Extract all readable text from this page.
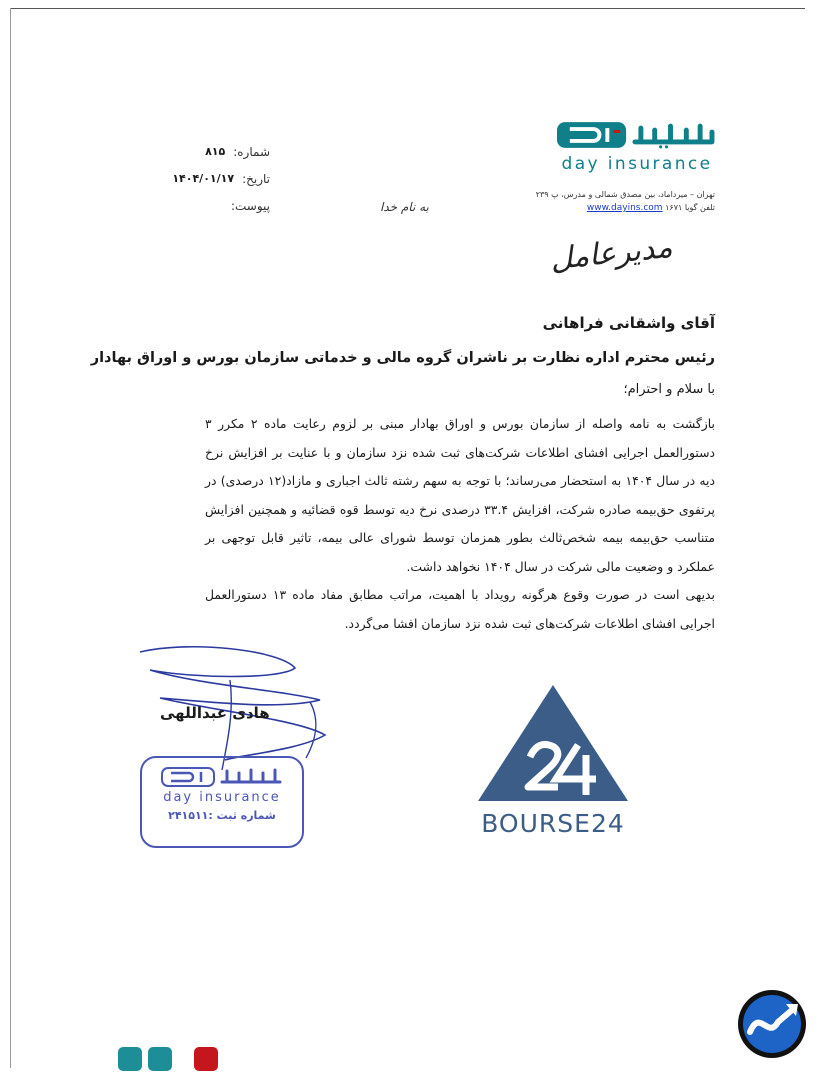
day insurance
تهران – میرداماد، بین مصدق شمالی و مدرس، پ ۲۳۹
تلفن گویا ۱۶۷۱ www.dayins.com
مدیرعامل
شماره:
۸۱۵
تاریخ:
۱۴۰۴/۰۱/۱۷
پیوست:	به نام خدا
آقای واشقانی فراهانی
رئیس محترم اداره نظارت بر ناشران گروه مالی و خدماتی سازمان بورس و اوراق بهادار
با سلام و احترام؛

بازگشت به نامه واصله از سازمان بورس و اوراق بهادار مبنی بر لزوم رعایت ماده ۲ مکرر ۳ دستورالعمل اجرایی افشای اطلاعات شرکت‌های ثبت شده نزد سازمان و با عنایت بر افزایش نرخ دیه در سال ۱۴۰۴ به استحضار می‌رساند؛ با توجه به سهم رشته ثالث اجباری و مازاد(۱۲ درصدی) در پرتفوی حق‌بیمه صادره شرکت، افزایش ۳۳.۴ درصدی نرخ دیه توسط قوه قضائیه و همچنین افزایش متناسب حق‌بیمه بیمه شخص‌ثالث بطور همزمان توسط شورای عالی بیمه، تاثیر قابل توجهی بر عملکرد و وضعیت مالی شرکت در سال ۱۴۰۴ نخواهد داشت.

بدیهی است در صورت وقوع هرگونه رویداد با اهمیت، مراتب مطابق مفاد ماده ۱۳ دستورالعمل اجرایی افشای اطلاعات شرکت‌های ثبت شده نزد سازمان افشا می‌گردد.

هادی عبداللهی
day insurance
شماره ثبت :۲۴۱۵۱۱	BOURSE24
